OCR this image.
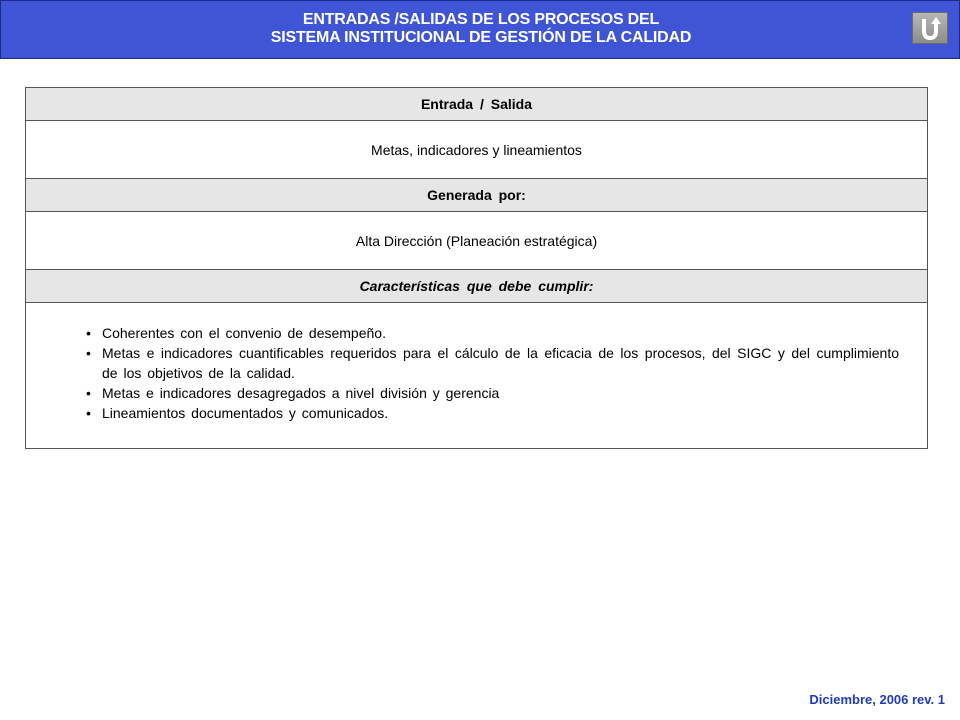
ENTRADAS /SALIDAS DE LOS PROCESOS DEL
SISTEMA INSTITUCIONAL DE GESTIÓN DE LA CALIDAD
Entrada / Salida
Metas, indicadores y lineamientos
Generada por:
Alta Dirección (Planeación estratégica)
Características que debe cumplir:
• Coherentes con el convenio de desempeño.
• Metas e indicadores cuantificables requeridos para el cálculo de la eficacia de los procesos, del SIGC y del cumplimiento de los objetivos de la calidad.
• Metas e indicadores desagregados a nivel división y gerencia
• Lineamientos documentados y comunicados.
Diciembre, 2006 rev. 1
